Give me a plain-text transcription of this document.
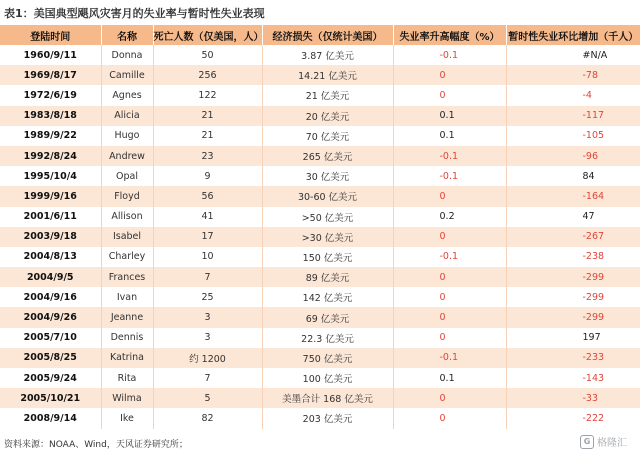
表1：美国典型飓风灾害月的失业率与暂时性失业表现
登陆时间	名称	死亡人数（仅美国，人）	经济损失（仅统计美国）	失业率升高幅度（%）	暂时性失业环比增加（千人）
1960/9/11	Donna	50	3.87 亿美元	-0.1	#N/A
1969/8/17	Camille	256	14.21 亿美元	0	-78
1972/6/19	Agnes	122	21 亿美元	0	-4
1983/8/18	Alicia	21	20 亿美元	0.1	-117
1989/9/22	Hugo	21	70 亿美元	0.1	-105
1992/8/24	Andrew	23	265 亿美元	-0.1	-96
1995/10/4	Opal	9	30 亿美元	-0.1	84
1999/9/16	Floyd	56	30-60 亿美元	0	-164
2001/6/11	Allison	41	>50 亿美元	0.2	47
2003/9/18	Isabel	17	>30 亿美元	0	-267
2004/8/13	Charley	10	150 亿美元	-0.1	-238
2004/9/5	Frances	7	89 亿美元	0	-299
2004/9/16	Ivan	25	142 亿美元	0	-299
2004/9/26	Jeanne	3	69 亿美元	0	-299
2005/7/10	Dennis	3	22.3 亿美元	0	197
2005/8/25	Katrina	约 1200	750 亿美元	-0.1	-233
2005/9/24	Rita	7	100 亿美元	0.1	-143
2005/10/21	Wilma	5	美墨合计 168 亿美元	0	-33
2008/9/14	Ike	82	203 亿美元	0	-222
资料来源：NOAA、Wind，天风证券研究所；	G 格隆汇
